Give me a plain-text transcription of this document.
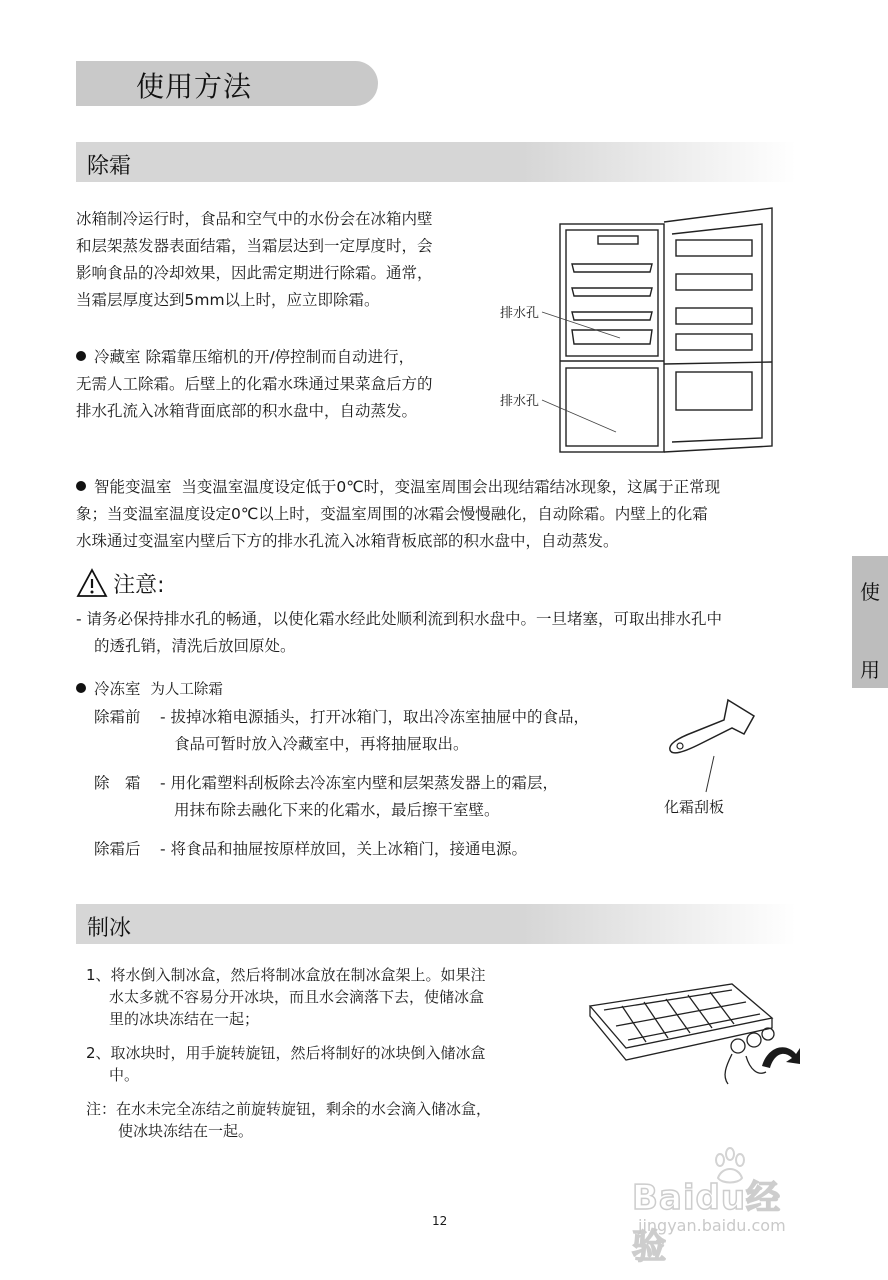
使用方法
除霜
冰箱制冷运行时，食品和空气中的水份会在冰箱内壁
和层架蒸发器表面结霜，当霜层达到一定厚度时，会
影响食品的冷却效果，因此需定期进行除霜。通常，
当霜层厚度达到5mm以上时，应立即除霜。
冷藏室 除霜靠压缩机的开/停控制而自动进行，
无需人工除霜。后壁上的化霜水珠通过果菜盒后方的
排水孔流入冰箱背面底部的积水盘中，自动蒸发。
排水孔
排水孔
智能变温室 当变温室温度设定低于0℃时，变温室周围会出现结霜结冰现象，这属于正常现
象；当变温室温度设定0℃以上时，变温室周围的冰霜会慢慢融化，自动除霜。内壁上的化霜
水珠通过变温室内壁后下方的排水孔流入冰箱背板底部的积水盘中，自动蒸发。
注意:
- 请务必保持排水孔的畅通，以使化霜水经此处顺利流到积水盘中。一旦堵塞，可取出排水孔中
的透孔销，清洗后放回原处。
使
用
冷冻室 为人工除霜
除霜前	- 拔掉冰箱电源插头，打开冰箱门，取出冷冻室抽屉中的食品，
食品可暂时放入冷藏室中，再将抽屉取出。
除　霜	- 用化霜塑料刮板除去冷冻室内壁和层架蒸发器上的霜层，
用抹布除去融化下来的化霜水，最后擦干室壁。
除霜后	- 将食品和抽屉按原样放回，关上冰箱门，接通电源。
化霜刮板
制冰
1、将水倒入制冰盒，然后将制冰盒放在制冰盒架上。如果注
水太多就不容易分开冰块，而且水会滴落下去，使储冰盒
里的冰块冻结在一起；
2、取冰块时，用手旋转旋钮，然后将制好的冰块倒入储冰盒
中。
注：在水未完全冻结之前旋转旋钮，剩余的水会滴入储冰盒，
使冰块冻结在一起。
12
Baidu经验
jingyan.baidu.com
